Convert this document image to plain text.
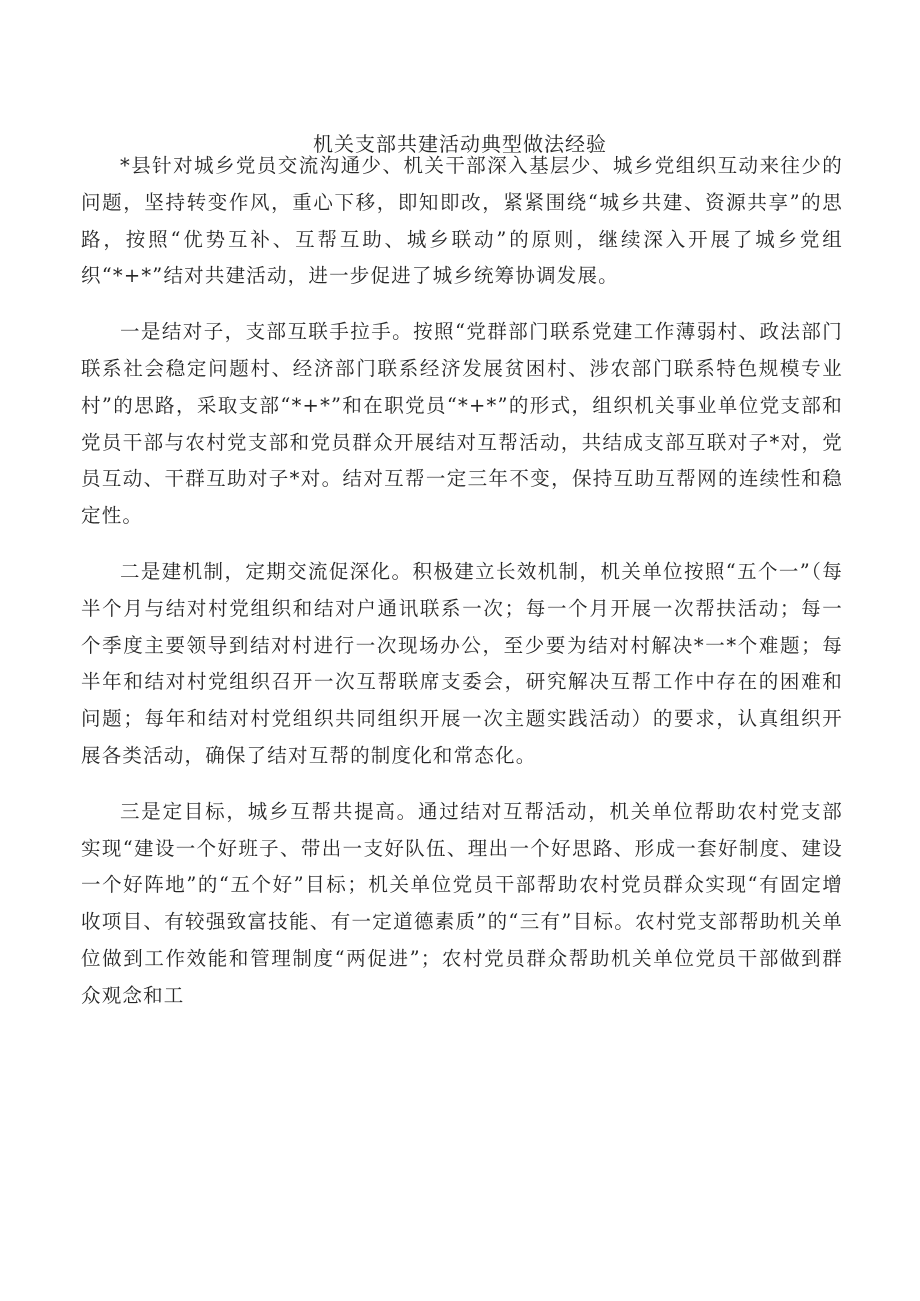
机关支部共建活动典型做法经验

*县针对城乡党员交流沟通少、机关干部深入基层少、城乡党组织互动来往少的问题，坚持转变作风，重心下移，即知即改，紧紧围绕“城乡共建、资源共享”的思路，按照“优势互补、互帮互助、城乡联动”的原则，继续深入开展了城乡党组织“*+*”结对共建活动，进一步促进了城乡统筹协调发展。

一是结对子，支部互联手拉手。按照“党群部门联系党建工作薄弱村、政法部门联系社会稳定问题村、经济部门联系经济发展贫困村、涉农部门联系特色规模专业村”的思路，采取支部“*+*”和在职党员“*+*”的形式，组织机关事业单位党支部和党员干部与农村党支部和党员群众开展结对互帮活动，共结成支部互联对子*对，党员互动、干群互助对子*对。结对互帮一定三年不变，保持互助互帮网的连续性和稳定性。

二是建机制，定期交流促深化。积极建立长效机制，机关单位按照“五个一”（每半个月与结对村党组织和结对户通讯联系一次；每一个月开展一次帮扶活动；每一个季度主要领导到结对村进行一次现场办公，至少要为结对村解决*一*个难题；每半年和结对村党组织召开一次互帮联席支委会，研究解决互帮工作中存在的困难和问题；每年和结对村党组织共同组织开展一次主题实践活动）的要求，认真组织开展各类活动，确保了结对互帮的制度化和常态化。

三是定目标，城乡互帮共提高。通过结对互帮活动，机关单位帮助农村党支部实现“建设一个好班子、带出一支好队伍、理出一个好思路、形成一套好制度、建设一个好阵地”的“五个好”目标；机关单位党员干部帮助农村党员群众实现“有固定增收项目、有较强致富技能、有一定道德素质”的“三有”目标。农村党支部帮助机关单位做到工作效能和管理制度“两促进”；农村党员群众帮助机关单位党员干部做到群众观念和工
